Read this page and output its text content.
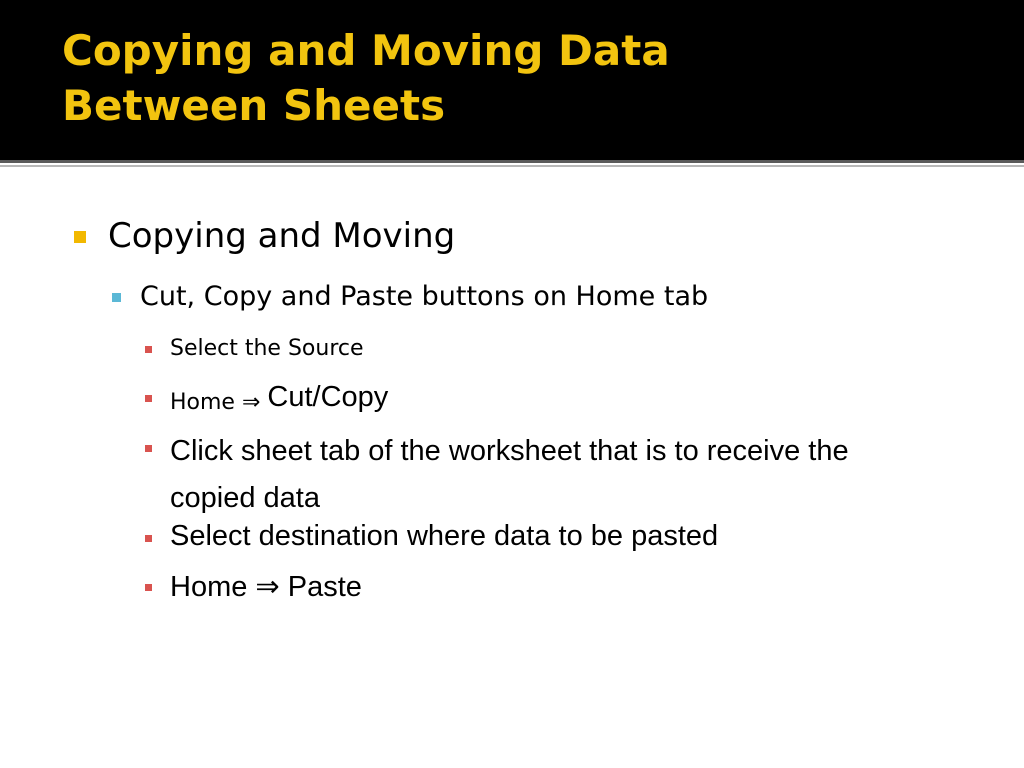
Copying and Moving Data
Between Sheets
Copying and Moving
Cut, Copy and Paste buttons on Home tab
Select the Source
Home ⇒ Cut/Copy
Click sheet tab of the worksheet that is to receive the copied data
Select destination where data to be pasted
Home ⇒ Paste
